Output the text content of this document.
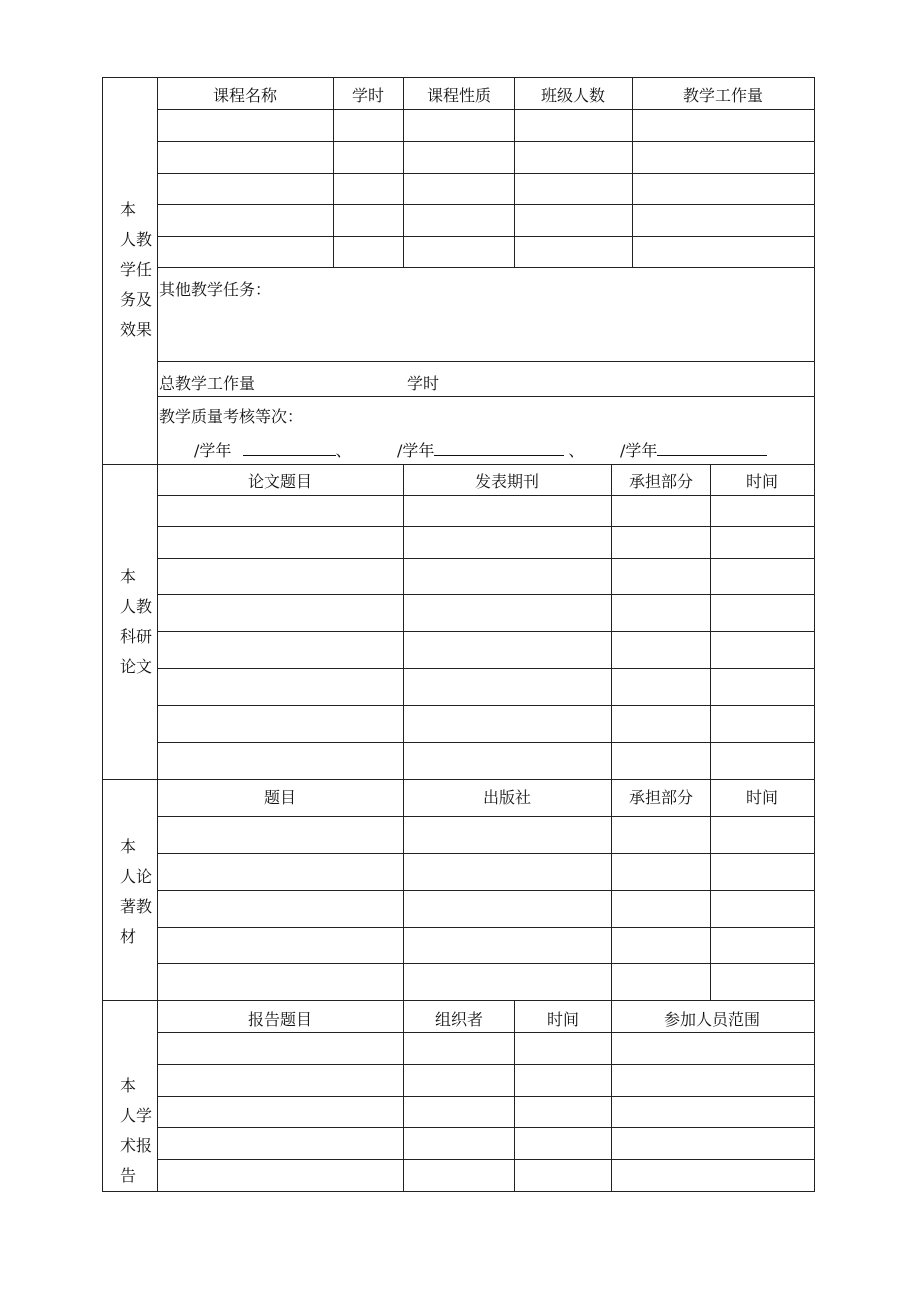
本
人教
学任
务及
效果
课程名称	学时	课程性质	班级人数	教学工作量
其他教学任务：
总教学工作量	学时
教学质量考核等次：
/学年	、	/学年	、 /学年
本
人教
科研
论文
论文题目	发表期刊	承担部分	时间
本
人论
著教
材
题目	出版社	承担部分	时间
本
人学
术报
告
报告题目	组织者	时间	参加人员范围
